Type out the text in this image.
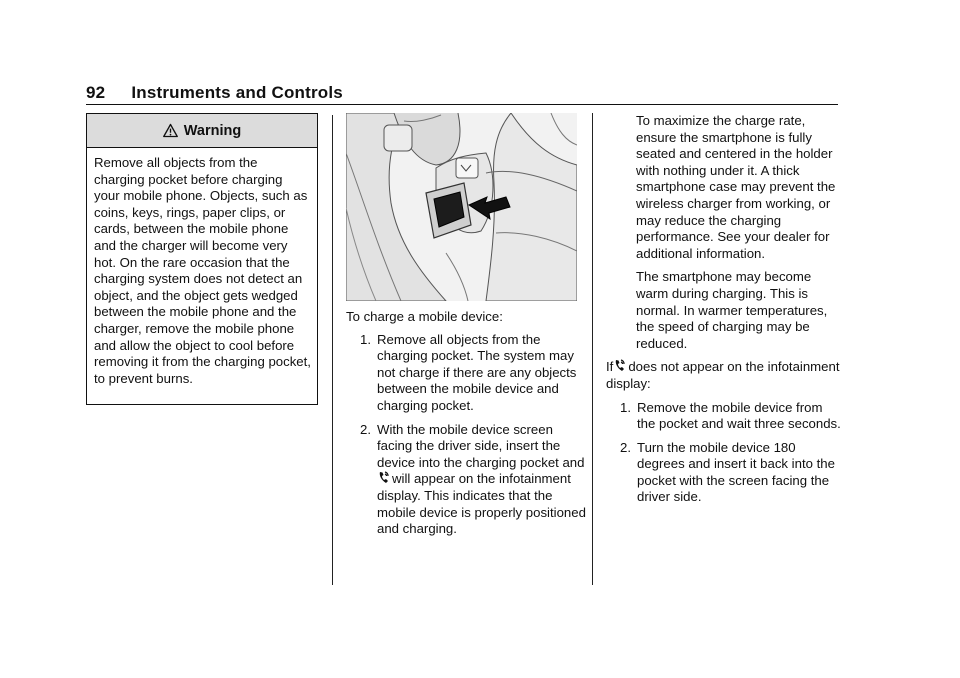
92 Instruments and Controls
Warning
Remove all objects from the charging pocket before charging your mobile phone. Objects, such as coins, keys, rings, paper clips, or cards, between the mobile phone and the charger will become very hot. On the rare occasion that the charging system does not detect an object, and the object gets wedged between the mobile phone and the charger, remove the mobile phone and allow the object to cool before removing it from the charging pocket, to prevent burns.
To charge a mobile device:
1. Remove all objects from the charging pocket. The system may not charge if there are any objects between the mobile device and charging pocket.
2. With the mobile device screen facing the driver side, insert the device into the charging pocket andwill appear on the infotainment display. This indicates that the mobile device is properly positioned and charging.

To maximize the charge rate, ensure the smartphone is fully seated and centered in the holder with nothing under it. A thick smartphone case may prevent the wireless charger from working, or may reduce the charging performance. See your dealer for additional information.

The smartphone may become warm during charging. This is normal. In warmer temperatures, the speed of charging may be reduced.

If does not appear on the infotainment display:

1. Remove the mobile device from the pocket and wait three seconds.
2. Turn the mobile device 180 degrees and insert it back into the pocket with the screen facing the driver side.
